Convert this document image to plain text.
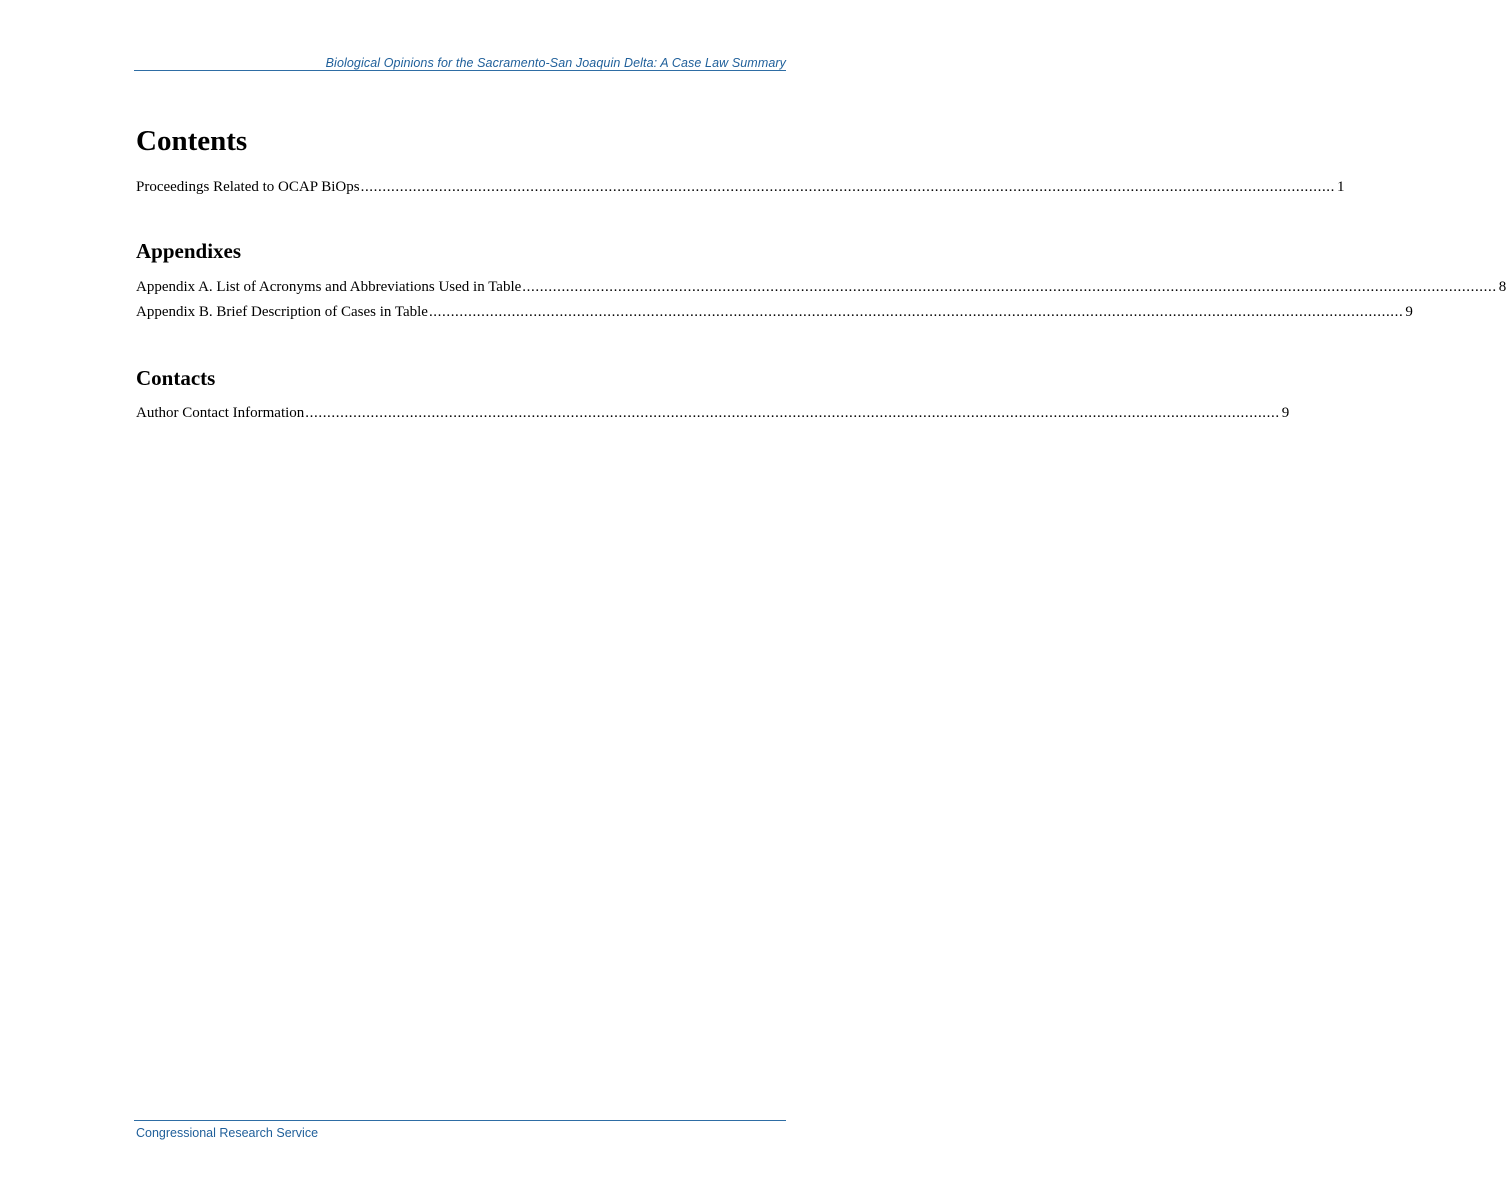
Biological Opinions for the Sacramento-San Joaquin Delta: A Case Law Summary
Contents
Proceedings Related to OCAP BiOps ................................................................................................................................................................................................................................ 1
Appendixes
Appendix A. List of Acronyms and Abbreviations Used in Table ................................................................................................................................................................................................................................ 8
Appendix B. Brief Description of Cases in Table ................................................................................................................................................................................................................................ 9
Contacts
Author Contact Information ................................................................................................................................................................................................................................ 9
Congressional Research Service
